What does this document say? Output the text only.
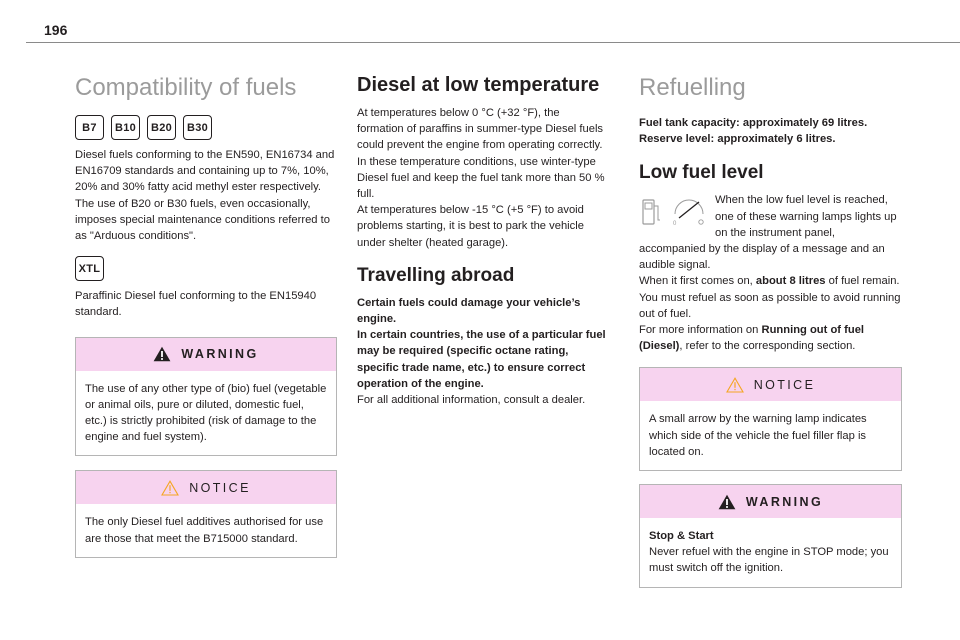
196
Compatibility of fuels
B7	B10	B20	B30

Diesel fuels conforming to the EN590, EN16734 and EN16709 standards and containing up to 7%, 10%, 20% and 30% fatty acid methyl ester respectively. The use of B20 or B30 fuels, even occasionally, imposes special maintenance conditions referred to as "Arduous conditions".

XTL

Paraffinic Diesel fuel conforming to the EN15940 standard.

WARNING

The use of any other type of (bio) fuel (vegetable or animal oils, pure or diluted, domestic fuel, etc.) is strictly prohibited (risk of damage to the engine and fuel system).

NOTICE

The only Diesel fuel additives authorised for use are those that meet the B715000 standard.

Diesel at low temperature

At temperatures below 0 °C (+32 °F), the formation of paraffins in summer-type Diesel fuels could prevent the engine from operating correctly. In these temperature conditions, use winter-type Diesel fuel and keep the fuel tank more than 50 % full.

At temperatures below -15 °C (+5 °F) to avoid problems starting, it is best to park the vehicle under shelter (heated garage).

Travelling abroad

Certain fuels could damage your vehicle’s engine.

In certain countries, the use of a particular fuel may be required (specific octane rating, specific trade name, etc.) to ensure correct operation of the engine.

For all additional information, consult a dealer.

Refuelling

Fuel tank capacity: approximately 69 litres.

Reserve level: approximately 6 litres.

Low fuel level
0

When the low fuel level is reached, one of these warning lamps lights up on the instrument panel, accompanied by the display of a message and an audible signal.

When it first comes on, about 8 litres of fuel remain.

You must refuel as soon as possible to avoid running out of fuel.

For more information on Running out of fuel (Diesel), refer to the corresponding section.

NOTICE

A small arrow by the warning lamp indicates which side of the vehicle the fuel filler flap is located on.

WARNING

Stop & Start

Never refuel with the engine in STOP mode; you must switch off the ignition.
